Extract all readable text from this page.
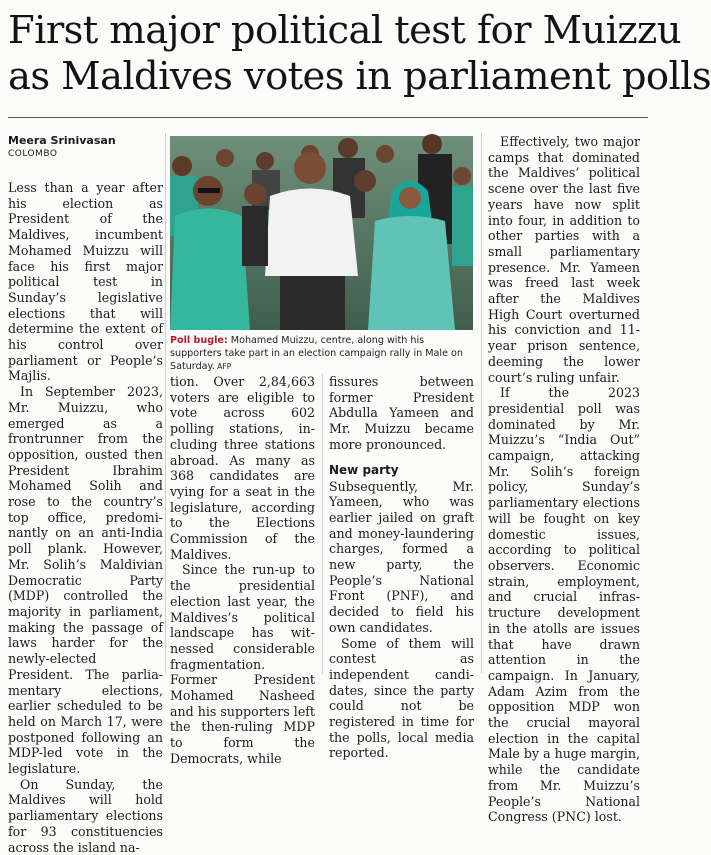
First major political test for Muizzu
as Maldives votes in parliament polls
Meera Srinivasan
COLOMBO

Less than a year after his election as President of the Maldives, incumbent Mohamed Muizzu will face his first major political test in Sunday’s legislative elections that will determine the extent of his control over parliament or People’s Majlis.

In September 2023, Mr. Muizzu, who emerged as a frontrunner from the opposition, ousted then President Ibrahim Mohamed Solih and rose to the country’s top office, predominantly on an anti-India poll plank. However, Mr. Solih’s Maldivian Democratic Party (MDP) controlled the majority in parliament, making the passage of laws harder for the newly-elected President. The parliamentary elections, earlier scheduled to be held on March 17, were postponed following an MDP-led vote in the legislature.

On Sunday, the Maldives will hold parliamentary elections for 93 constituencies across the island na-

Poll bugle: Mohamed Muizzu, centre, along with his supporters take part in an election campaign rally in Male on Saturday. AFP

tion. Over 2,84,663 voters are eligible to vote across 602 polling stations, including three stations abroad. As many as 368 candidates are vying for a seat in the legislature, according to the Elections Commission of the Maldives.

Since the run-up to the presidential election last year, the Maldives’s political landscape has witnessed considerable fragmentation. Former President Mohamed Nasheed and his supporters left the then-ruling MDP to form the Democrats, while

fissures between former President Abdulla Yameen and Mr. Muizzu became more pronounced.

New party

Subsequently, Mr. Yameen, who was earlier jailed on graft and money-laundering charges, formed a new party, the People’s National Front (PNF), and decided to field his own candidates.

Some of them will contest as independent candidates, since the party could not be registered in time for the polls, local media reported.

Effectively, two major camps that dominated the Maldives’ political scene over the last five years have now split into four, in addition to other parties with a small parliamentary presence. Mr. Yameen was freed last week after the Maldives High Court overturned his conviction and 11-year prison sentence, deeming the lower court’s ruling unfair.

If the 2023 presidential poll was dominated by Mr. Muizzu’s “India Out” campaign, attacking Mr. Solih’s foreign policy, Sunday’s parliamentary elections will be fought on key domestic issues, according to political observers. Economic strain, employment, and crucial infrastructure development in the atolls are issues that have drawn attention in the campaign. In January, Adam Azim from the opposition MDP won the crucial mayoral election in the capital Male by a huge margin, while the candidate from Mr. Muizzu’s People’s National Congress (PNC) lost.
